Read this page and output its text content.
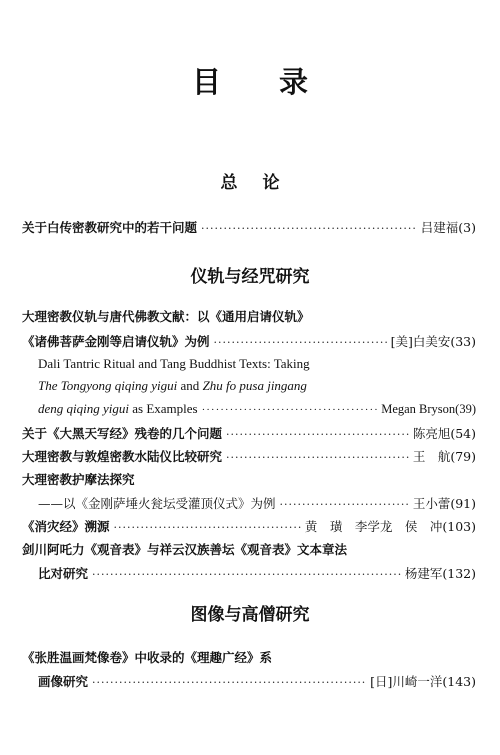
目 录
总 论
关于白传密教研究中的若干问题 ·····	吕建福(3)
仪轨与经咒研究
大理密教仪轨与唐代佛教文献：以《通用启请仪轨》
《诸佛菩萨金刚等启请仪轨》为例 ·····	[美]白美安(33)
Dali Tantric Ritual and Tang Buddhist Texts: Taking
The Tongyong qiqing yigui and Zhu fo pusa jingang
deng qiqing yigui as Examples ·····	Megan Bryson(39)
关于《大黑天写经》残卷的几个问题 ·····	陈亮旭(54)
大理密教与敦煌密教水陆仪比较研究 ·····	王　航(79)
大理密教护摩法探究
——以《金刚萨埵火瓮坛受灌顶仪式》为例 ·····	王小蕾(91)
《消灾经》溯源 ·····	黄　璜　李学龙　侯　冲(103)
剑川阿吒力《观音表》与祥云汉族善坛《观音表》文本章法
比对研究 ·····	杨建军(132)
图像与高僧研究
《张胜温画梵像卷》中收录的《理趣广经》系
画像研究 ·····	[日]川崎一洋(143)
